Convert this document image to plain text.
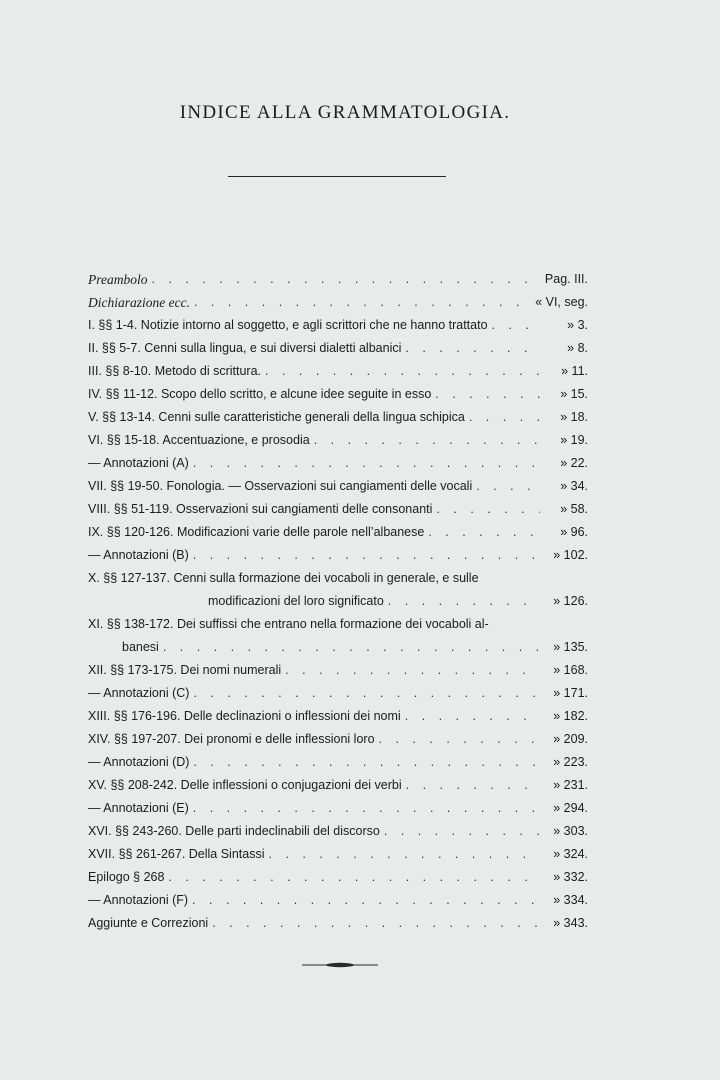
INDICE ALLA GRAMMATOLOGIA.
Preambolo . . .	Pag. III.
Dichiarazione ecc. . . .	« VI, seg.
I. §§ 1-4. Notizie intorno al soggetto, e agli scrittori che ne hanno trattato . . .	» 3.
II. §§ 5-7. Cenni sulla lingua, e sui diversi dialetti albanici . . .	» 8.
III. §§ 8-10. Metodo di scrittura. . . .	» 11.
IV. §§ 11-12. Scopo dello scritto, e alcune idee seguite in esso . . .	» 15.
V. §§ 13-14. Cenni sulle caratteristiche generali della lingua schipica . . .	» 18.
VI. §§ 15-18. Accentuazione, e prosodia . . .	» 19.
— Annotazioni (A) . . .	» 22.
VII. §§ 19-50. Fonologia. — Osservazioni sui cangiamenti delle vocali . . .	» 34.
VIII. §§ 51-119. Osservazioni sui cangiamenti delle consonanti . . .	» 58.
IX. §§ 120-126. Modificazioni varie delle parole nell’albanese . . .	» 96.
— Annotazioni (B) . . .	» 102.
X. §§ 127-137. Cenni sulla formazione dei vocaboli in generale, e sulle
modificazioni del loro significato . . .	» 126.
XI. §§ 138-172. Dei suffissi che entrano nella formazione dei vocaboli al-
banesi . . .	» 135.
XII. §§ 173-175. Dei nomi numerali . . .	» 168.
— Annotazioni (C) . . .	» 171.
XIII. §§ 176-196. Delle declinazioni o inflessioni dei nomi . . .	» 182.
XIV. §§ 197-207. Dei pronomi e delle inflessioni loro . . .	» 209.
— Annotazioni (D) . . .	» 223.
XV. §§ 208-242. Delle inflessioni o conjugazioni dei verbi . . .	» 231.
— Annotazioni (E) . . .	» 294.
XVI. §§ 243-260. Delle parti indeclinabili del discorso . . .	» 303.
XVII. §§ 261-267. Della Sintassi . . .	» 324.
Epilogo § 268 . . .	» 332.
— Annotazioni (F) . . .	» 334.
Aggiunte e Correzioni . . .	» 343.
